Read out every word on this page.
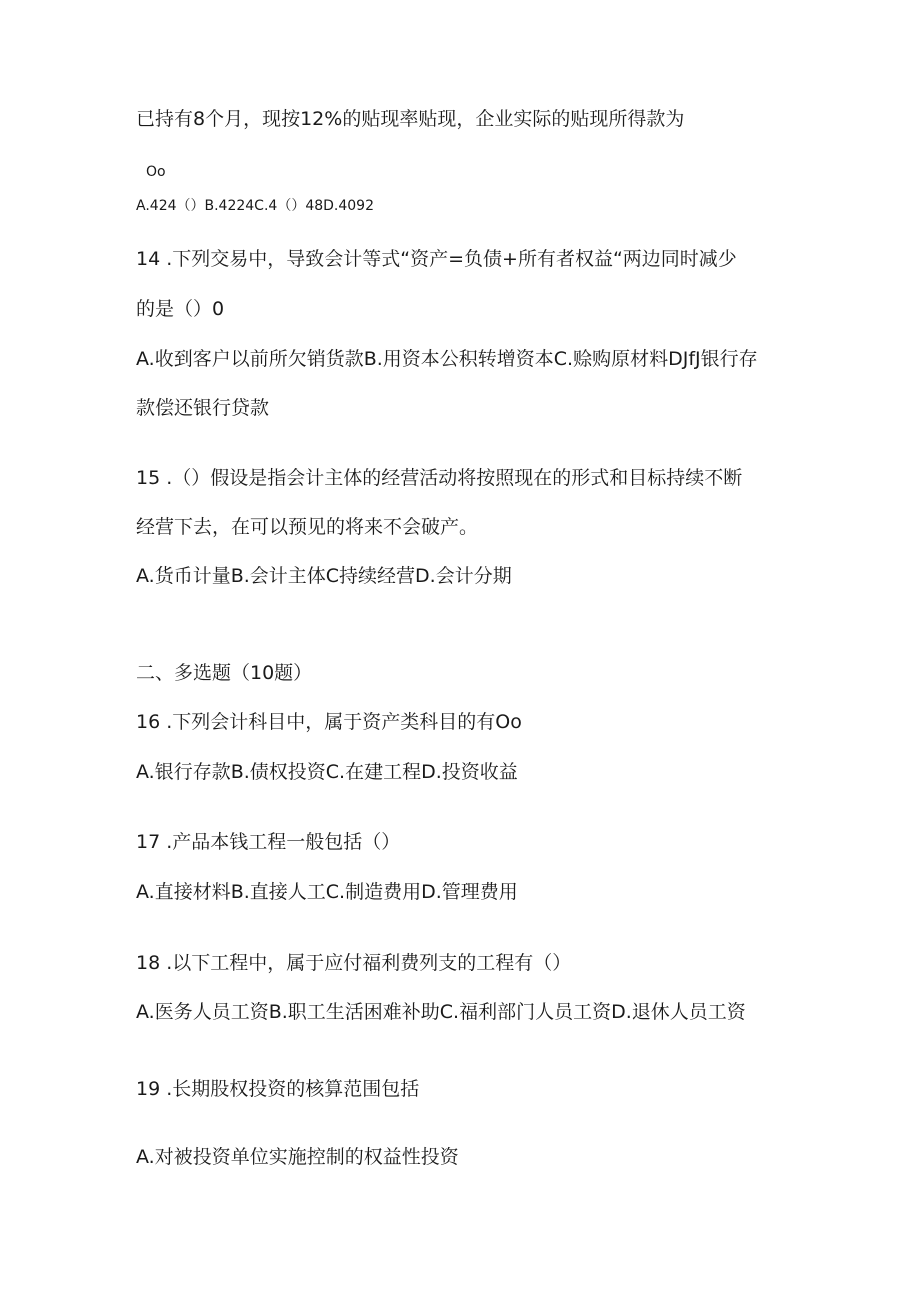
已持有8个月，现按12%的贴现率贴现，企业实际的贴现所得款为
Oo
A.424（）B.4224C.4（）48D.4092
14 .下列交易中，导致会计等式“资产=负债+所有者权益“两边同时减少
的是（）0
A.收到客户以前所欠销货款B.用资本公积转增资本C.赊购原材料DJfJ银行存
款偿还银行贷款
15 .（）假设是指会计主体的经营活动将按照现在的形式和目标持续不断
经营下去，在可以预见的将来不会破产。
A.货币计量B.会计主体C持续经营D.会计分期
二、多选题（10题）
16 .下列会计科目中，属于资产类科目的有Oo
A.银行存款B.债权投资C.在建工程D.投资收益
17 .产品本钱工程一般包括（）
A.直接材料B.直接人工C.制造费用D.管理费用
18 .以下工程中，属于应付福利费列支的工程有（）
A.医务人员工资B.职工生活困难补助C.福利部门人员工资D.退休人员工资
19 .长期股权投资的核算范围包括
A.对被投资单位实施控制的权益性投资
